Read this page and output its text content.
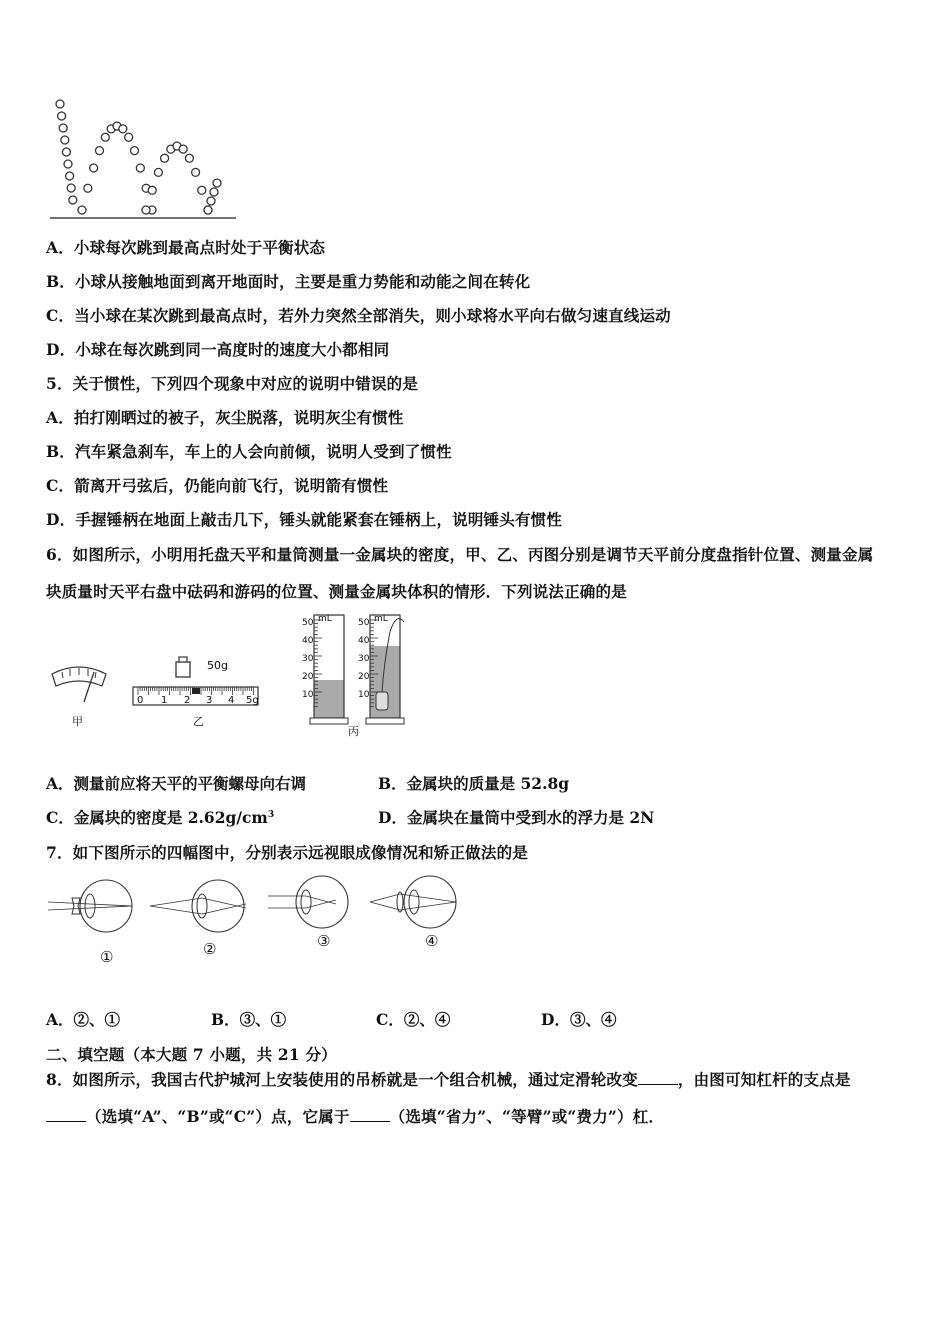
A．小球每次跳到最高点时处于平衡状态
B．小球从接触地面到离开地面时，主要是重力势能和动能之间在转化
C．当小球在某次跳到最高点时，若外力突然全部消失，则小球将水平向右做匀速直线运动
D．小球在每次跳到同一高度时的速度大小都相同
5．关于惯性，下列四个现象中对应的说明中错误的是
A．拍打刚晒过的被子，灰尘脱落，说明灰尘有惯性
B．汽车紧急刹车，车上的人会向前倾，说明人受到了惯性
C．箭离开弓弦后，仍能向前飞行，说明箭有惯性
D．手握锤柄在地面上敲击几下，锤头就能紧套在锤柄上，说明锤头有惯性
6．如图所示，小明用托盘天平和量筒测量一金属块的密度，甲、乙、丙图分别是调节天平前分度盘指针位置、测量金属
块质量时天平右盘中砝码和游码的位置、测量金属块体积的情形．下列说法正确的是
甲
50g
0 1 2 3 4 5g
乙
mL	mL
50
40
30
20
10
50
40
30
20
10
丙
A．测量前应将天平的平衡螺母向右调	B．金属块的质量是 52.8g
C．金属块的密度是 $2.62g/cm^3$	D．金属块在量筒中受到水的浮力是 2N
7．如下图所示的四幅图中，分别表示远视眼成像情况和矫正做法的是
①	②	③	④
A．②、①	B．③、①	C．②、④	D．③、④
二、填空题（本大题 7 小题，共 21 分）
8．如图所示，我国古代护城河上安装使用的吊桥就是一个组合机械，通过定滑轮改变	，由图可知杠杆的支点是
（选填“A”、“B”或“C”）点，它属于	（选填“省力”、“等臂”或“费力”）杠．
